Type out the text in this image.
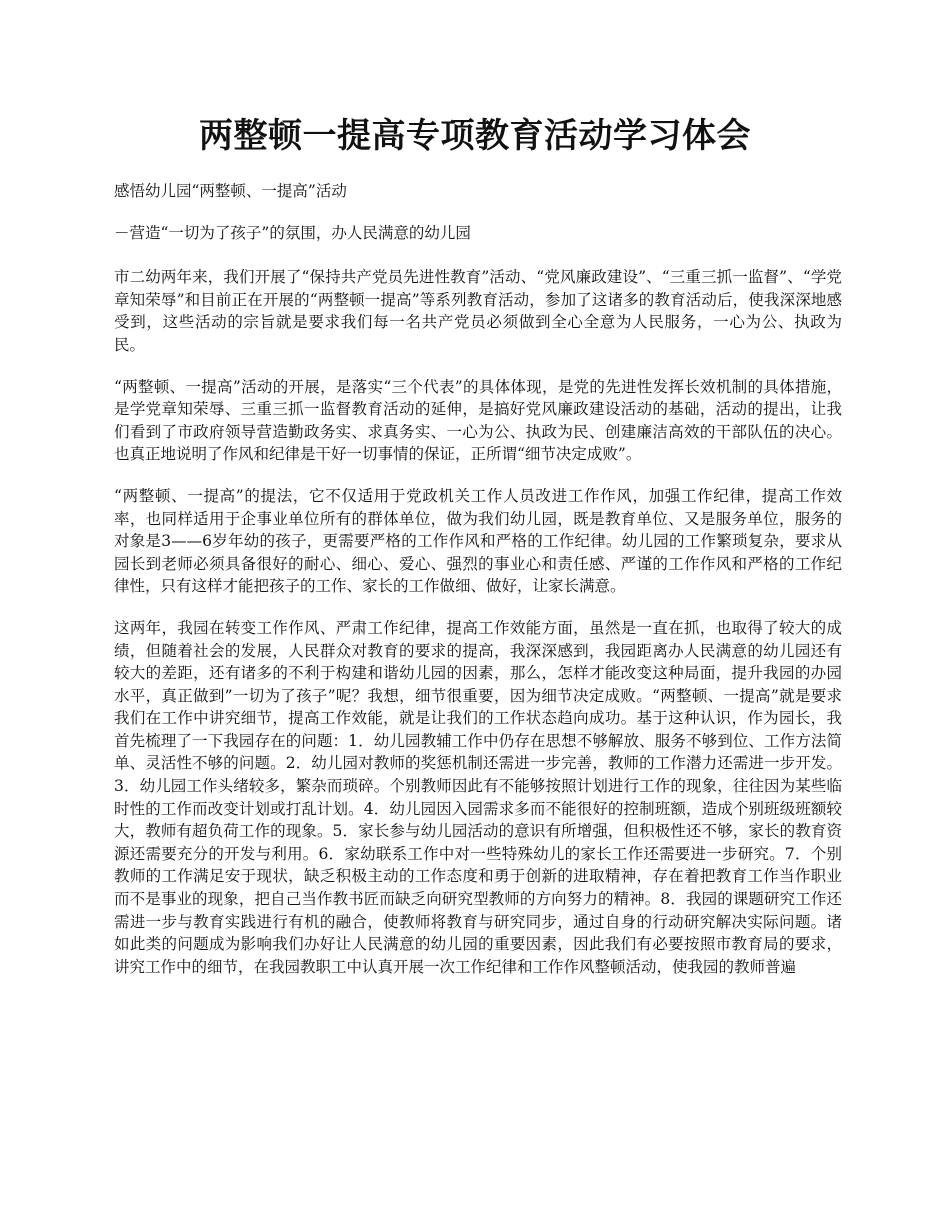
两整顿一提高专项教育活动学习体会

感悟幼儿园“两整顿、一提高”活动

－营造“一切为了孩子”的氛围，办人民满意的幼儿园

市二幼两年来，我们开展了“保持共产党员先进性教育”活动、“党风廉政建设”、“三重三抓一监督”、“学党章知荣辱”和目前正在开展的“两整顿一提高”等系列教育活动，参加了这诸多的教育活动后，使我深深地感受到，这些活动的宗旨就是要求我们每一名共产党员必须做到全心全意为人民服务，一心为公、执政为民。

“两整顿、一提高”活动的开展，是落实“三个代表”的具体体现，是党的先进性发挥长效机制的具体措施，是学党章知荣辱、三重三抓一监督教育活动的延伸，是搞好党风廉政建设活动的基础，活动的提出，让我们看到了市政府领导营造勤政务实、求真务实、一心为公、执政为民、创建廉洁高效的干部队伍的决心。也真正地说明了作风和纪律是干好一切事情的保证，正所谓“细节决定成败”。

“两整顿、一提高”的提法，它不仅适用于党政机关工作人员改进工作作风，加强工作纪律，提高工作效率，也同样适用于企事业单位所有的群体单位，做为我们幼儿园，既是教育单位、又是服务单位，服务的对象是3——6岁年幼的孩子，更需要严格的工作作风和严格的工作纪律。幼儿园的工作繁琐复杂，要求从园长到老师必须具备很好的耐心、细心、爱心、强烈的事业心和责任感、严谨的工作作风和严格的工作纪律性，只有这样才能把孩子的工作、家长的工作做细、做好，让家长满意。

这两年，我园在转变工作作风、严肃工作纪律，提高工作效能方面，虽然是一直在抓，也取得了较大的成绩，但随着社会的发展，人民群众对教育的要求的提高，我深深感到，我园距离办人民满意的幼儿园还有较大的差距，还有诸多的不利于构建和谐幼儿园的因素，那么，怎样才能改变这种局面，提升我园的办园水平，真正做到”一切为了孩子”呢？我想，细节很重要，因为细节决定成败。“两整顿、一提高”就是要求我们在工作中讲究细节，提高工作效能，就是让我们的工作状态趋向成功。基于这种认识，作为园长，我首先梳理了一下我园存在的问题：1．幼儿园教辅工作中仍存在思想不够解放、服务不够到位、工作方法简单、灵活性不够的问题。2．幼儿园对教师的奖惩机制还需进一步完善，教师的工作潜力还需进一步开发。3．幼儿园工作头绪较多，繁杂而琐碎。个别教师因此有不能够按照计划进行工作的现象，往往因为某些临时性的工作而改变计划或打乱计划。4．幼儿园因入园需求多而不能很好的控制班额，造成个别班级班额较大，教师有超负荷工作的现象。5．家长参与幼儿园活动的意识有所增强，但积极性还不够，家长的教育资源还需要充分的开发与利用。6．家幼联系工作中对一些特殊幼儿的家长工作还需要进一步研究。7．个别教师的工作满足安于现状，缺乏积极主动的工作态度和勇于创新的进取精神，存在着把教育工作当作职业而不是事业的现象，把自己当作教书匠而缺乏向研究型教师的方向努力的精神。8．我园的课题研究工作还需进一步与教育实践进行有机的融合，使教师将教育与研究同步，通过自身的行动研究解决实际问题。诸如此类的问题成为影响我们办好让人民满意的幼儿园的重要因素，因此我们有必要按照市教育局的要求，讲究工作中的细节，在我园教职工中认真开展一次工作纪律和工作作风整顿活动，使我园的教师普遍
